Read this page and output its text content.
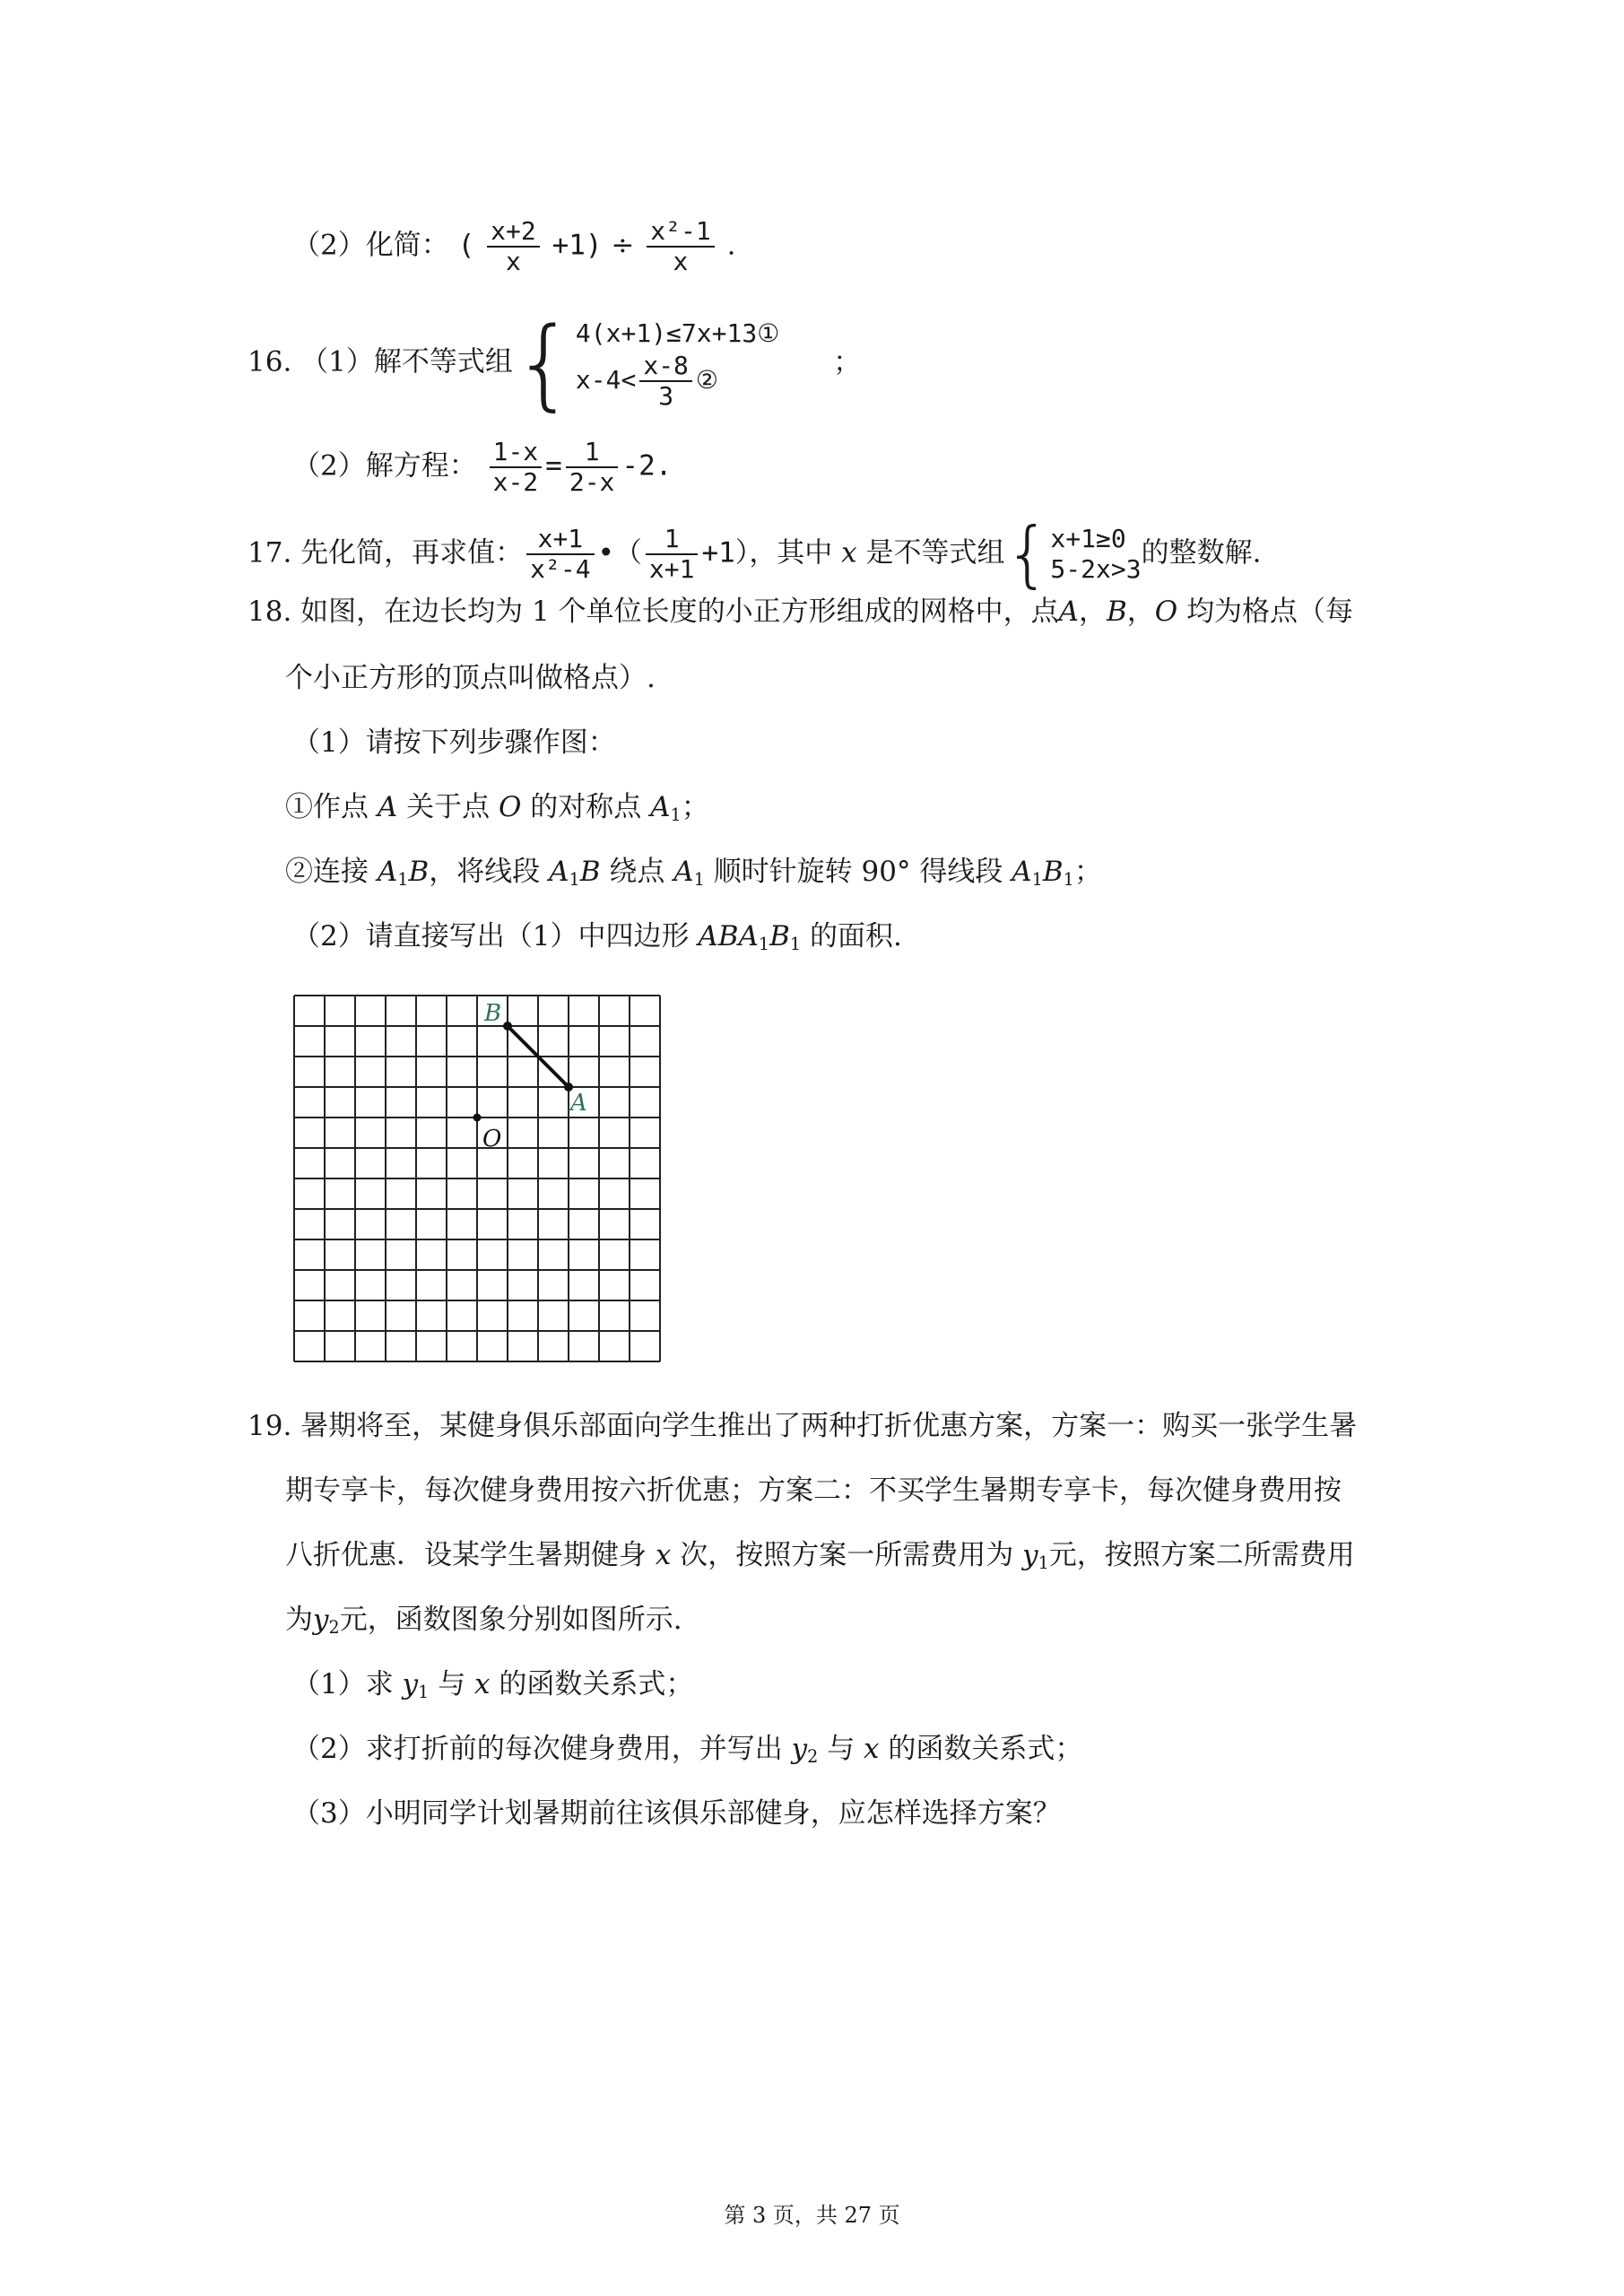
（2）化简： ( $\frac{x+2}{x} +1) \div \frac{\text{x²-1}}{x}$ .
16. （1）解不等式组{ 4(x+1)≤7x+13①
$x-4< \frac{x-8}{3}$ ②
；
（2）解方程： $\frac{1-x}{x-2} = \frac{1}{2-x} -2$.
17. 先化简，再求值： $\frac{x+1}{\text{x²-4}}$ •（ $\frac{1}{x+1} +1$），其中 x 是不等式组{ x+1≥0
5-2x>3 的整数解.
18. 如图，在边长均为 1 个单位长度的小正方形组成的网格中，点A，B，O 均为格点（每
个小正方形的顶点叫做格点）.
（1）请按下列步骤作图：
①作点 A 关于点 O 的对称点 $A_1$；
②连接 $A_1B$，将线段 $A_1B$ 绕点 $A_1$ 顺时针旋转 90° 得线段 $A_1B_1$；
（2）请直接写出（1）中四边形 $ABA_1B_1$ 的面积.
B
A
O
19. 暑期将至，某健身俱乐部面向学生推出了两种打折优惠方案，方案一：购买一张学生暑
期专享卡，每次健身费用按六折优惠；方案二：不买学生暑期专享卡，每次健身费用按
八折优惠．设某学生暑期健身 x 次，按照方案一所需费用为 $y_1$元，按照方案二所需费用
为$y_2$元，函数图象分别如图所示.
（1）求 $y_1$ 与 x 的函数关系式；
（2）求打折前的每次健身费用，并写出 $y_2$ 与 x 的函数关系式；
（3）小明同学计划暑期前往该俱乐部健身，应怎样选择方案？
第 3 页，共 27 页
